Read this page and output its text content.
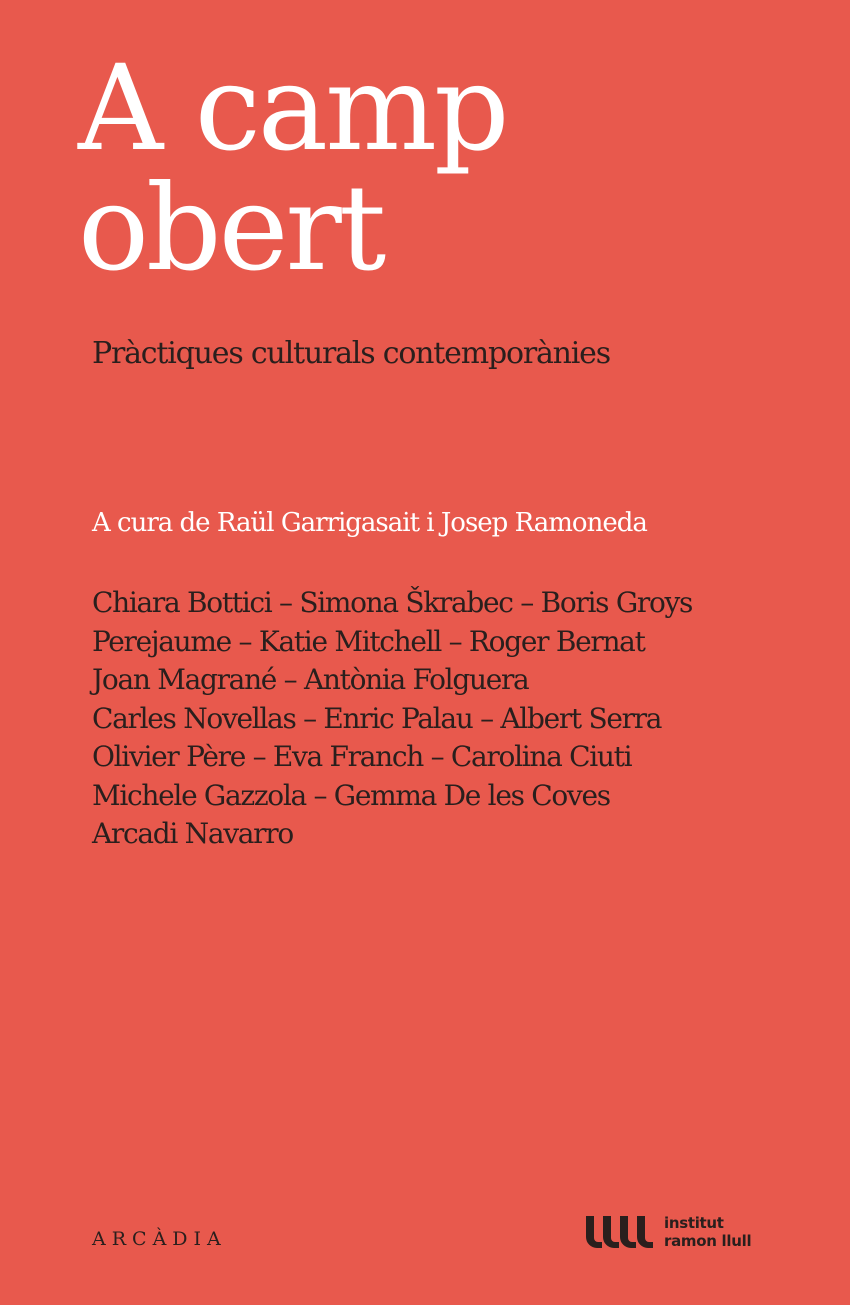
A camp
obert
Pràctiques culturals contemporànies

A cura de Raül Garrigasait i Josep Ramoneda

Chiara Bottici – Simona Škrabec – Boris Groys
Perejaume – Katie Mitchell – Roger Bernat
Joan Magrané – Antònia Folguera
Carles Novellas – Enric Palau – Albert Serra
Olivier Père – Eva Franch – Carolina Ciuti
Michele Gazzola – Gemma De les Coves
Arcadi Navarro

ARCÀDIA

institut
ramon llull
